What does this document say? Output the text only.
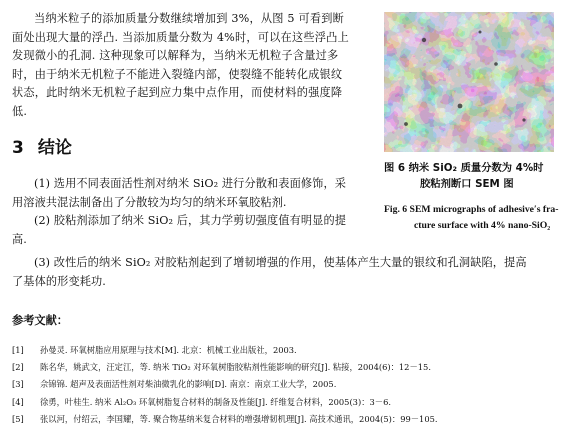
当纳米粒子的添加质量分数继续增加到 3%，从图 5 可看到断
面处出现大量的浮凸. 当添加质量分数为 4%时，可以在这些浮凸上
发现微小的孔洞. 这种现象可以解释为，当纳米无机粒子含量过多
时，由于纳米无机粒子不能进入裂缝内部，使裂缝不能转化成银纹
状态，此时纳米无机粒子起到应力集中点作用，而使材料的强度降
低.
图 6 纳米 SiO₂ 质量分数为 4%时
胶粘剂断口 SEM 图
Fig. 6 SEM micrographs of adhesive′s fra-
cture surface with 4% nano-SiO₂
3 结论
(1) 选用不同表面活性剂对纳米 SiO₂ 进行分散和表面修饰，采
用溶液共混法制备出了分散较为均匀的纳米环氧胶粘剂.
(2) 胶粘剂添加了纳米 SiO₂ 后，其力学剪切强度值有明显的提
高.
(3) 改性后的纳米 SiO₂ 对胶粘剂起到了增韧增强的作用，使基体产生大量的银纹和孔洞缺陷，提高
了基体的形变耗功.
参考文献：
[1] 孙曼灵. 环氧树脂应用原理与技术[M]. 北京：机械工业出版社，2003.
[2] 陈名华，姚武文，汪定江，等. 纳米 TiO₂ 对环氧树脂胶粘剂性能影响的研究[J]. 粘接，2004(6)：12－15.
[3] 佘锦锦. 超声及表面活性剂对柴油微乳化的影响[D]. 南京：南京工业大学，2005.
[4] 徐勇，叶桂生. 纳米 Al₂O₃ 环氧树脂复合材料的制备及性能[J]. 纤维复合材料，2005(3)：3－6.
[5] 张以河，付绍云，李国耀，等. 聚合物基纳米复合材料的增强增韧机理[J]. 高技术通讯，2004(5)：99－105.
